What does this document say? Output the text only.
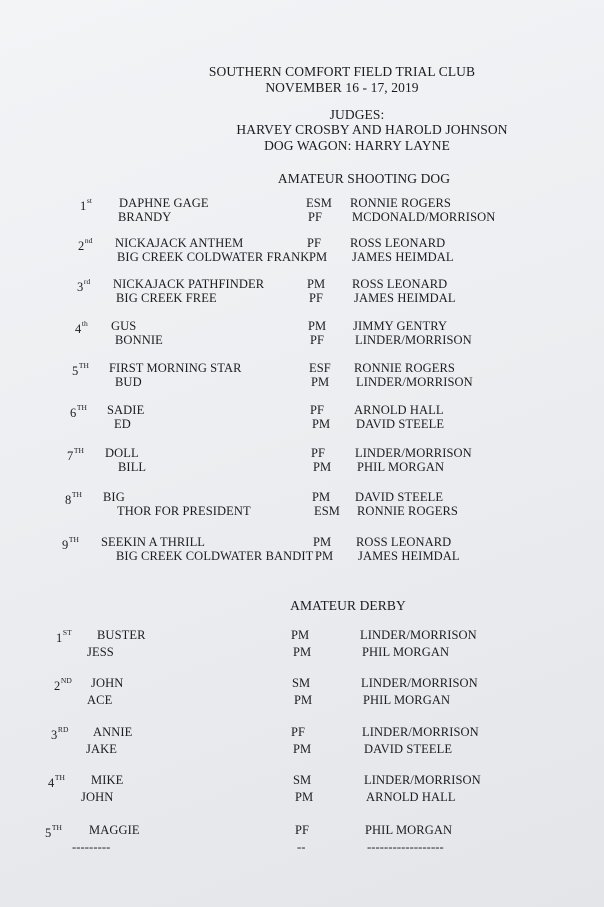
SOUTHERN COMFORT FIELD TRIAL CLUB
NOVEMBER 16 - 17, 2019
JUDGES:
HARVEY CROSBY AND HAROLD JOHNSON
DOG WAGON: HARRY LAYNE
AMATEUR SHOOTING DOG
AMATEUR DERBY
1st DAPHNE GAGE	ESM RONNIE ROGERS
BRANDY	PF MCDONALD/MORRISON
2nd NICKAJACK ANTHEM	PF ROSS LEONARD
BIG CREEK COLDWATER FRANK PM JAMES HEIMDAL
3rd NICKAJACK PATHFINDER	PM ROSS LEONARD
BIG CREEK FREE	PF JAMES HEIMDAL
4th GUS	PM JIMMY GENTRY
BONNIE	PF LINDER/MORRISON
5TH FIRST MORNING STAR	ESF RONNIE ROGERS
BUD	PM LINDER/MORRISON
6TH SADIE	PF ARNOLD HALL
ED	PM DAVID STEELE
7TH DOLL	PF LINDER/MORRISON
BILL	PM PHIL MORGAN
8TH BIG	PM DAVID STEELE
THOR FOR PRESIDENT	ESM RONNIE ROGERS
9TH SEEKIN A THRILL	PM ROSS LEONARD
BIG CREEK COLDWATER BANDIT PM JAMES HEIMDAL
1ST BUSTER	PM	LINDER/MORRISON
JESS	PM	PHIL MORGAN
2ND JOHN	SM	LINDER/MORRISON
ACE	PM	PHIL MORGAN
3RD ANNIE	PF	LINDER/MORRISON
JAKE	PM	DAVID STEELE
4TH MIKE	SM	LINDER/MORRISON
JOHN	PM	ARNOLD HALL
5TH MAGGIE	PF	PHIL MORGAN
---------	--	------------------
